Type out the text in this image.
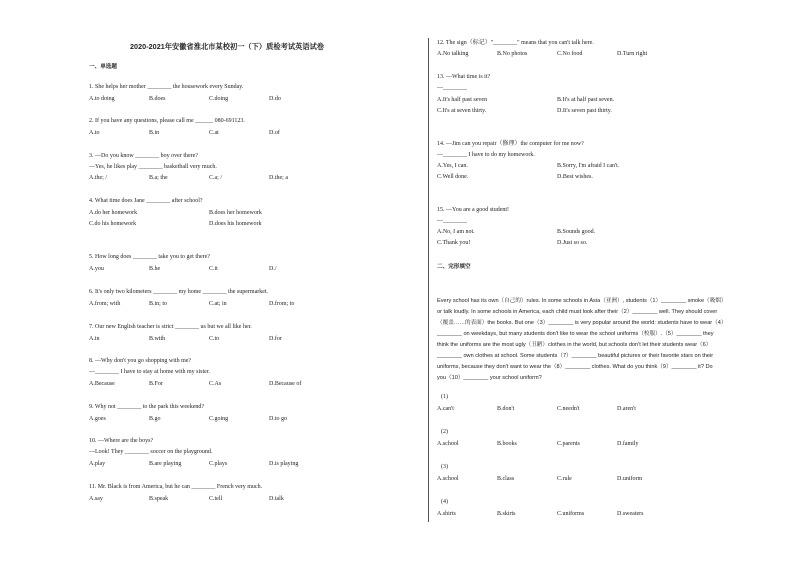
2020-2021年安徽省淮北市某校初一（下）质检考试英语试卷
一、单选题
1. She helps her mother ________ the housework every Sunday.
A.to doing	B.does	C.doing	D.do
2. If you have any questions, please call me ______ 080-691123.
A.to	B.in	C.at	D.of
3. —Do you know ________ boy over there?
—Yes, he likes play ________ basketball very much.
A.the; /	B.a; the	C.a; /	D.the; a
4. What time does Jane ________ after school?
A.do her homework	B.does her homework
C.do his homework	D.does his homework
5. How long does ________ take you to get there?
A.you	B.he	C.it	D./
6. It's only two kilometers ________ my home ________ the supermarket.
A.from; with	B.in; to	C.at; in	D.from; to
7. Our new English teacher is strict ________ us but we all like her.
A.in	B.with	C.to	D.for
8. —Why don't you go shopping with me?
—________ I have to stay at home with my sister.
A.Because	B.For	C.As	D.Because of
9. Why not ________ to the park this weekend?
A.goes	B.go	C.going	D.to go
10. —Where are the boys?
—Look! They ________ soccer on the playground.
A.play	B.are playing	C.plays	D.is playing
11. Mr. Black is from America, but he can ________ French very much.
A.say	B.speak	C.tell	D.talk
12. The sign（标记）"________" means that you can't talk here.
A.No talking	B.No photos	C.No food	D.Turn right
13. —What time is it?
—________
A.It's half past seven	B.It's at half past seven.
C.It's at seven thirty.	D.It's seven past thirty.
14. —Jim can you repair（修理）the computer for me now?
—________ I have to do my homework.
A.Yes, I can.	B.Sorry, I'm afraid I can't.
C.Well done.	D.Best wishes.
15. —You are a good student!
—________
A.No, I am not.	B.Sounds good.
C.Thank you!	D.Just so so.
二、完形填空

Every school has its own（自己的）rules. In some schools in Asia（亚洲）, students（1）________ smoke（吸烟）

or talk loudly. In some schools in America, each child must look after their（2）________ well. They should cover

（覆盖……的表面）the books. But one（3）________ is very popular around the world: students have to wear（4）

________ on weekdays, but many students don't like to wear the school uniforms（校服）.（5）________ they

think the uniforms are the most ugly（丑陋）clothes in the world, but schools don't let their students wear（6）

________ own clothes at school. Some students（7）________ beautiful pictures or their favorite stars on their

uniforms, because they don't want to wear the（8）________ clothes. What do you think（9）________ it? Do

you（10）________ your school uniform?

(1)
A.can't	B.don't	C.needn't	D.aren't
(2)
A.school	B.books	C.parents	D.family
(3)
A.school	B.class	C.rule	D.uniform
(4)
A.shirts	B.skirts	C.uniforms	D.sweaters
